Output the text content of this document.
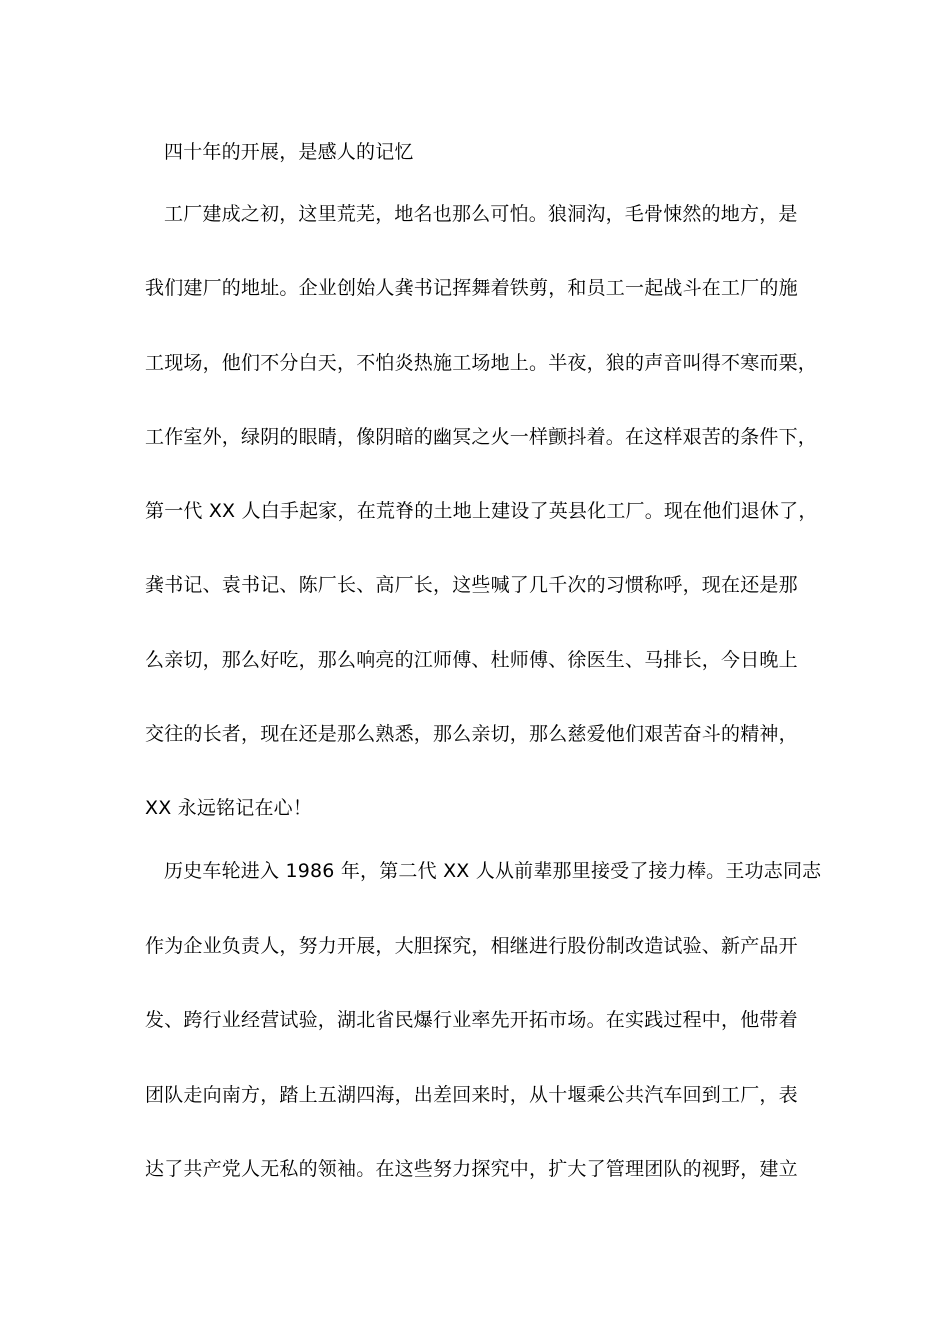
四十年的开展，是感人的记忆
工厂建成之初，这里荒芜，地名也那么可怕。狼洞沟，毛骨悚然的地方，是
我们建厂的地址。企业创始人龚书记挥舞着铁剪，和员工一起战斗在工厂的施
工现场，他们不分白天，不怕炎热施工场地上。半夜，狼的声音叫得不寒而栗，
工作室外，绿阴的眼睛，像阴暗的幽冥之火一样颤抖着。在这样艰苦的条件下，
第一代 XX 人白手起家，在荒脊的土地上建设了英县化工厂。现在他们退休了，
龚书记、袁书记、陈厂长、高厂长，这些喊了几千次的习惯称呼，现在还是那
么亲切，那么好吃，那么响亮的江师傅、杜师傅、徐医生、马排长，今日晚上
交往的长者，现在还是那么熟悉，那么亲切，那么慈爱他们艰苦奋斗的精神，
XX 永远铭记在心！
历史车轮进入 1986 年，第二代 XX 人从前辈那里接受了接力棒。王功志同志
作为企业负责人，努力开展，大胆探究，相继进行股份制改造试验、新产品开
发、跨行业经营试验，湖北省民爆行业率先开拓市场。在实践过程中，他带着
团队走向南方，踏上五湖四海，出差回来时，从十堰乘公共汽车回到工厂，表
达了共产党人无私的领袖。在这些努力探究中，扩大了管理团队的视野，建立
